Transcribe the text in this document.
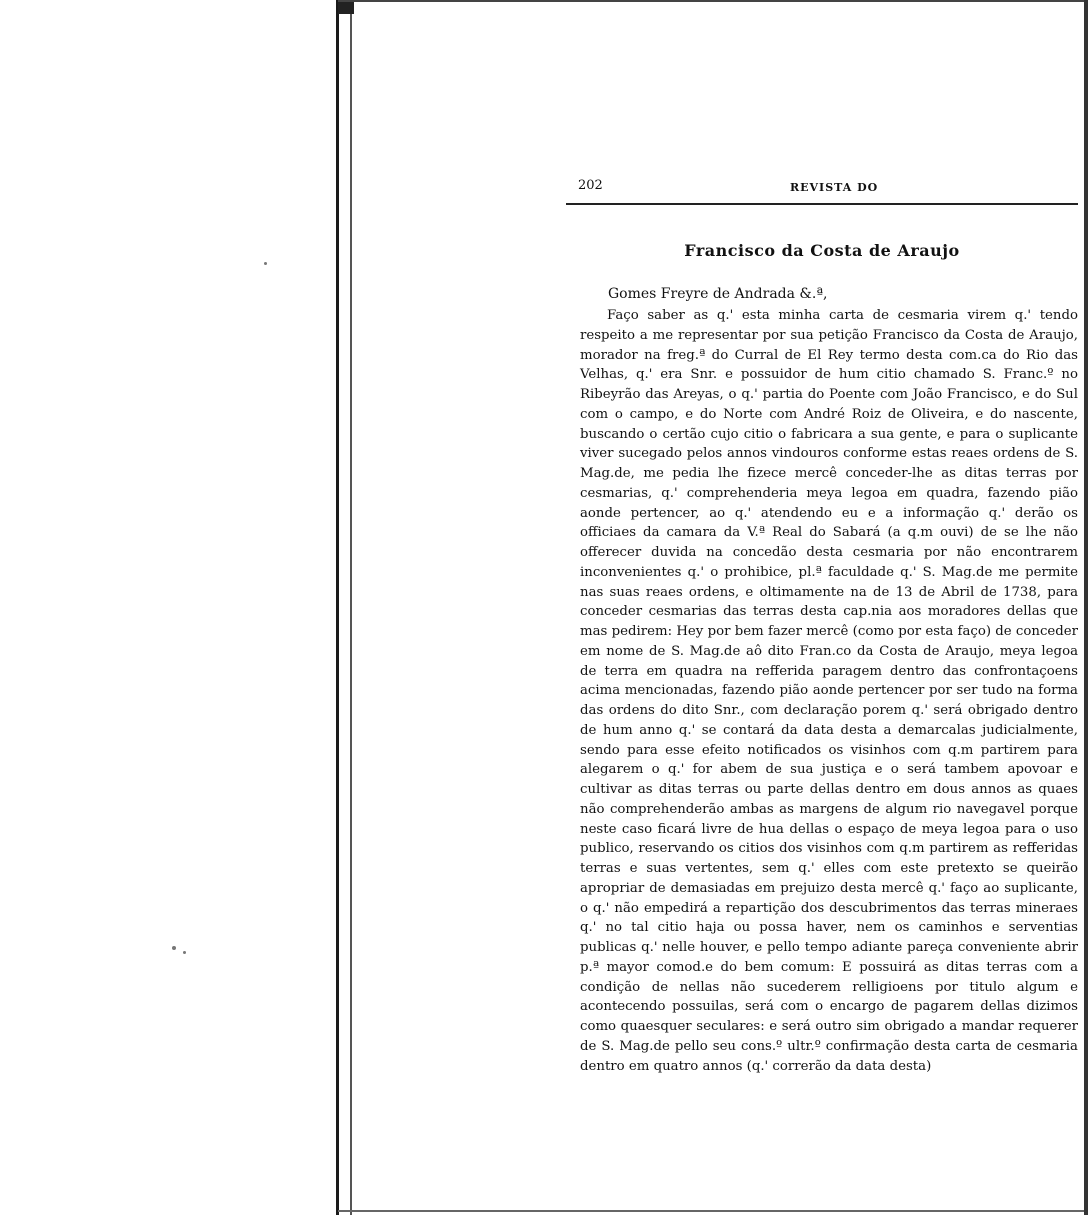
202	REVISTA DO
Francisco da Costa de Araujo
Gomes Freyre de Andrada &.ª,

Faço saber as q.' esta minha carta de cesmaria virem q.' tendo respeito a me representar por sua petição Francisco da Costa de Araujo, morador na freg.ª do Curral de El Rey termo desta com.ca do Rio das Velhas, q.' era Snr. e possuidor de hum citio chamado S. Franc.º no Ribeyrão das Areyas, o q.' partia do Poente com João Francisco, e do Sul com o campo, e do Norte com André Roiz de Oliveira, e do nascente, buscando o certão cujo citio o fabricara a sua gente, e para o suplicante viver sucegado pelos annos vindouros conforme estas reaes ordens de S. Mag.de, me pedia lhe fizece mercê conceder-lhe as ditas terras por cesmarias, q.' comprehenderia meya legoa em quadra, fazendo pião aonde pertencer, ao q.' atendendo eu e a informação q.' derão os officiaes da camara da V.ª Real do Sabará (a q.m ouvi) de se lhe não offerecer duvida na concedão desta cesmaria por não encontrarem inconvenientes q.' o prohibice, pl.ª faculdade q.' S. Mag.de me permite nas suas reaes ordens, e oltimamente na de 13 de Abril de 1738, para conceder cesmarias das terras desta cap.nia aos moradores dellas que mas pedirem: Hey por bem fazer mercê (como por esta faço) de conceder em nome de S. Mag.de aô dito Fran.co da Costa de Araujo, meya legoa de terra em quadra na refferida paragem dentro das confrontaçoens acima mencionadas, fazendo pião aonde pertencer por ser tudo na forma das ordens do dito Snr., com declaração porem q.' será obrigado dentro de hum anno q.' se contará da data desta a demarcalas judicialmente, sendo para esse efeito notificados os visinhos com q.m partirem para alegarem o q.' for abem de sua justiça e o será tambem apovoar e cultivar as ditas terras ou parte dellas dentro em dous annos as quaes não comprehenderão ambas as margens de algum rio navegavel porque neste caso ficará livre de hua dellas o espaço de meya legoa para o uso publico, reservando os citios dos visinhos com q.m partirem as refferidas terras e suas vertentes, sem q.' elles com este pretexto se queirão apropriar de demasiadas em prejuizo desta mercê q.' faço ao suplicante, o q.' não empedirá a repartição dos descubrimentos das terras mineraes q.' no tal citio haja ou possa haver, nem os caminhos e serventias publicas q.' nelle houver, e pello tempo adiante pareça conveniente abrir p.ª mayor comod.e do bem comum: E possuirá as ditas terras com a condição de nellas não sucederem relligioens por titulo algum e acontecendo possuilas, será com o encargo de pagarem dellas dizimos como quaesquer seculares: e será outro sim obrigado a mandar requerer de S. Mag.de pello seu cons.º ultr.º confirmação desta carta de cesmaria dentro em quatro annos (q.' correrão da data desta)
